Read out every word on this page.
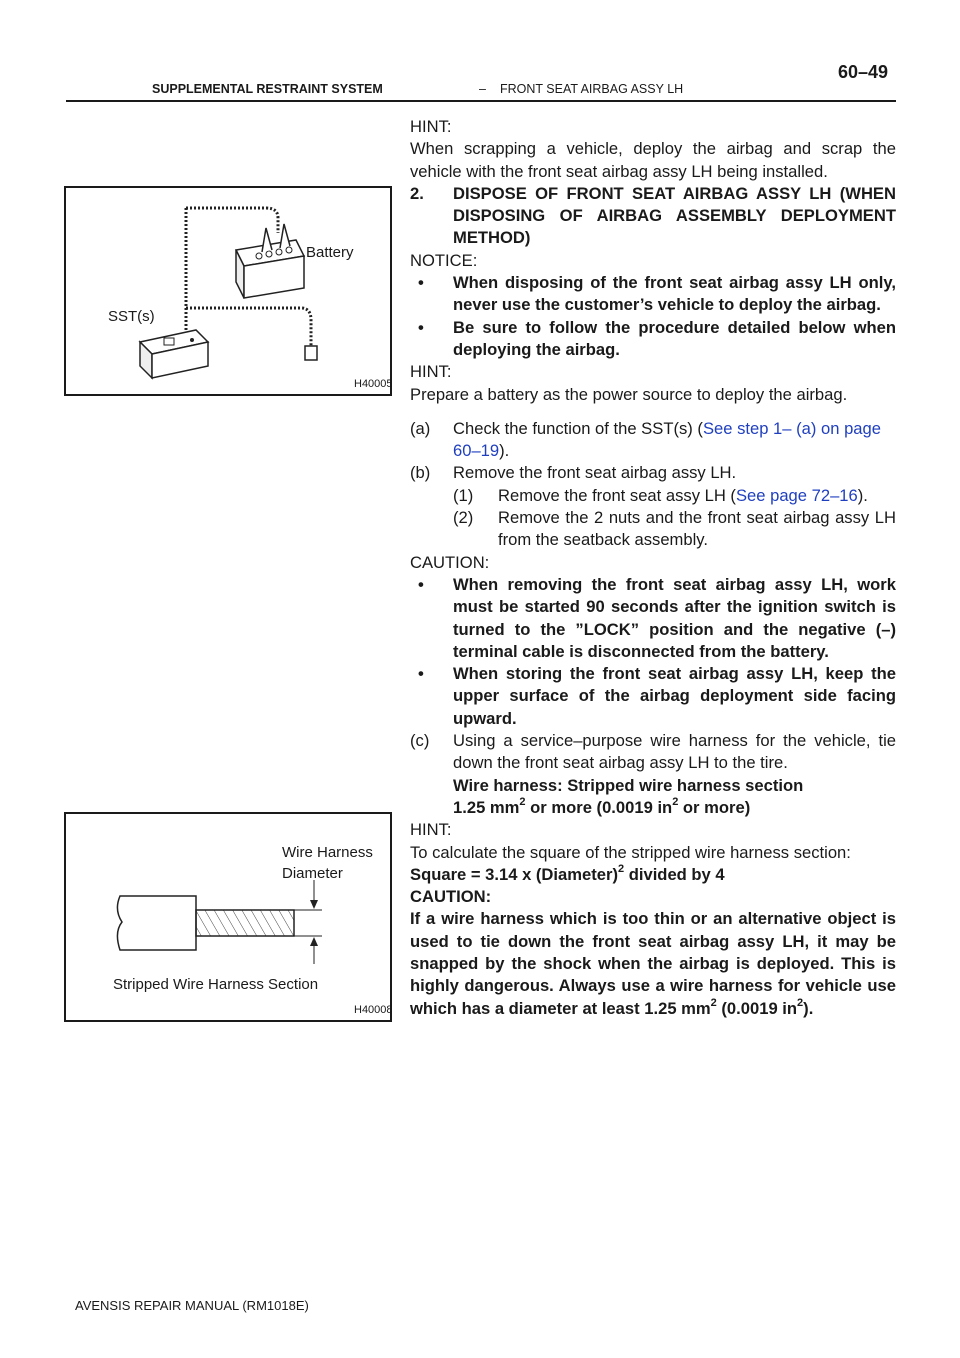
60–49
SUPPLEMENTAL RESTRAINT SYSTEM	– FRONT SEAT AIRBAG ASSY LH
Battery
SST(s)
H40005
Wire Harness
Diameter
Stripped Wire Harness Section
H40008

HINT:

When scrapping a vehicle, deploy the airbag and scrap the vehicle with the front seat airbag assy LH being installed.

2.	DISPOSE OF FRONT SEAT AIRBAG ASSY LH (WHEN DISPOSING OF AIRBAG ASSEMBLY DEPLOYMENT METHOD)

NOTICE:

•	When disposing of the front seat airbag assy LH only, never use the customer’s vehicle to deploy the airbag.
•	Be sure to follow the procedure detailed below when deploying the airbag.

HINT:

Prepare a battery as the power source to deploy the airbag.

(a)	Check the function of the SST(s) (See step 1– (a) on page 60–19).
(b)	Remove the front seat airbag assy LH.
(1)	Remove the front seat assy LH (See page 72–16).
(2)	Remove the 2 nuts and the front seat airbag assy LH from the seatback assembly.

CAUTION:

•	When removing the front seat airbag assy LH, work must be started 90 seconds after the ignition switch is turned to the ”LOCK” position and the negative (–) terminal cable is disconnected from the battery.
•	When storing the front seat airbag assy LH, keep the upper surface of the airbag deployment side facing upward.
(c)	Using a service–purpose wire harness for the vehicle, tie down the front seat airbag assy LH to the tire.
Wire harness: Stripped wire harness section
1.25 $mm^2$ or more (0.0019 $in^2$ or more)

HINT:

To calculate the square of the stripped wire harness section:

Square = 3.14 x (Diameter)$^2$ divided by 4

CAUTION:

If a wire harness which is too thin or an alternative object is used to tie down the front seat airbag assy LH, it may be snapped by the shock when the airbag is deployed. This is highly dangerous. Always use a wire harness for vehicle use which has a diameter at least 1.25 $mm^2$ (0.0019 $in^2$).

AVENSIS REPAIR MANUAL (RM1018E)
